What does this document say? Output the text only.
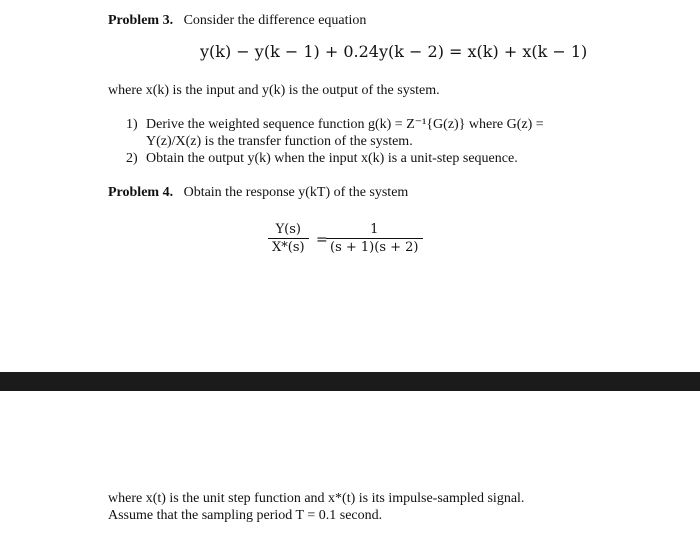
Problem 3. Consider the difference equation
y(k) − y(k − 1) + 0.24y(k − 2) = x(k) + x(k − 1)
where x(k) is the input and y(k) is the output of the system.
1) Derive the weighted sequence function g(k) = Z⁻¹{G(z)} where G(z) =
Y(z)/X(z) is the transfer function of the system.
2) Obtain the output y(k) when the input x(k) is a unit-step sequence.
Problem 4. Obtain the response y(kT) of the system
$\frac{Y(s)}{X*(s)}$ =
$\frac{1}{(s + 1)(s + 2)}$
where x(t) is the unit step function and x*(t) is its impulse-sampled signal.
Assume that the sampling period T = 0.1 second.
